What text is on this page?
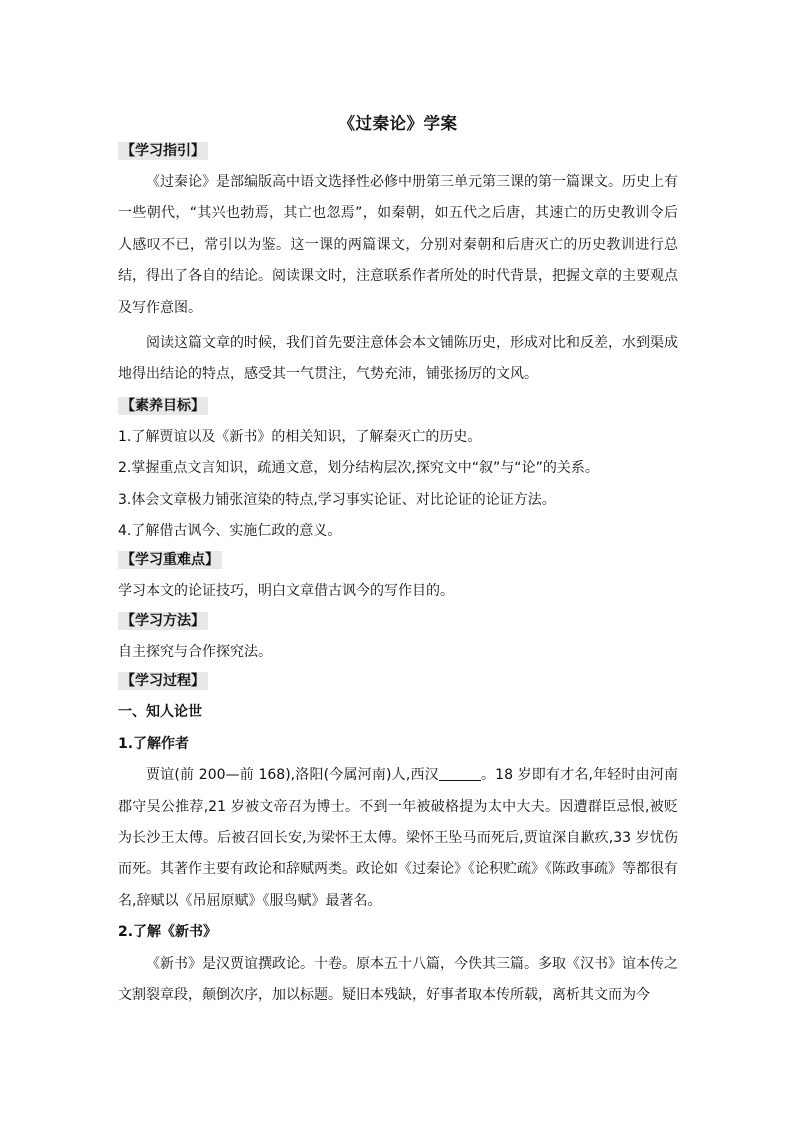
《过秦论》学案
【学习指引】

《过秦论》是部编版高中语文选择性必修中册第三单元第三课的第一篇课文。历史上有一些朝代，“其兴也勃焉，其亡也忽焉”，如秦朝，如五代之后唐，其速亡的历史教训令后人感叹不已，常引以为鉴。这一课的两篇课文，分别对秦朝和后唐灭亡的历史教训进行总结，得出了各自的结论。阅读课文时，注意联系作者所处的时代背景，把握文章的主要观点及写作意图。

阅读这篇文章的时候，我们首先要注意体会本文铺陈历史，形成对比和反差，水到渠成地得出结论的特点，感受其一气贯注，气势充沛，铺张扬厉的文风。

【素养目标】

1.了解贾谊以及《新书》的相关知识，了解秦灭亡的历史。

2.掌握重点文言知识，疏通文意，划分结构层次,探究文中“叙”与“论”的关系。

3.体会文章极力铺张渲染的特点,学习事实论证、对比论证的论证方法。

4.了解借古讽今、实施仁政的意义。

【学习重难点】

学习本文的论证技巧，明白文章借古讽今的写作目的。

【学习方法】

自主探究与合作探究法。

【学习过程】

一、知人论世

1.了解作者

贾谊(前 200—前 168),洛阳(今属河南)人,西汉	。18 岁即有才名,年轻时由河南郡守吴公推荐,21 岁被文帝召为博士。不到一年被破格提为太中大夫。因遭群臣忌恨,被贬为长沙王太傅。后被召回长安,为梁怀王太傅。梁怀王坠马而死后,贾谊深自歉疚,33 岁忧伤而死。其著作主要有政论和辞赋两类。政论如《过秦论》《论积贮疏》《陈政事疏》等都很有名,辞赋以《吊屈原赋》《服鸟赋》最著名。

2.了解《新书》

《新书》是汉贾谊撰政论。十卷。原本五十八篇，今佚其三篇。多取《汉书》谊本传之文割裂章段，颠倒次序，加以标题。疑旧本残缺，好事者取本传所载，离析其文而为今
